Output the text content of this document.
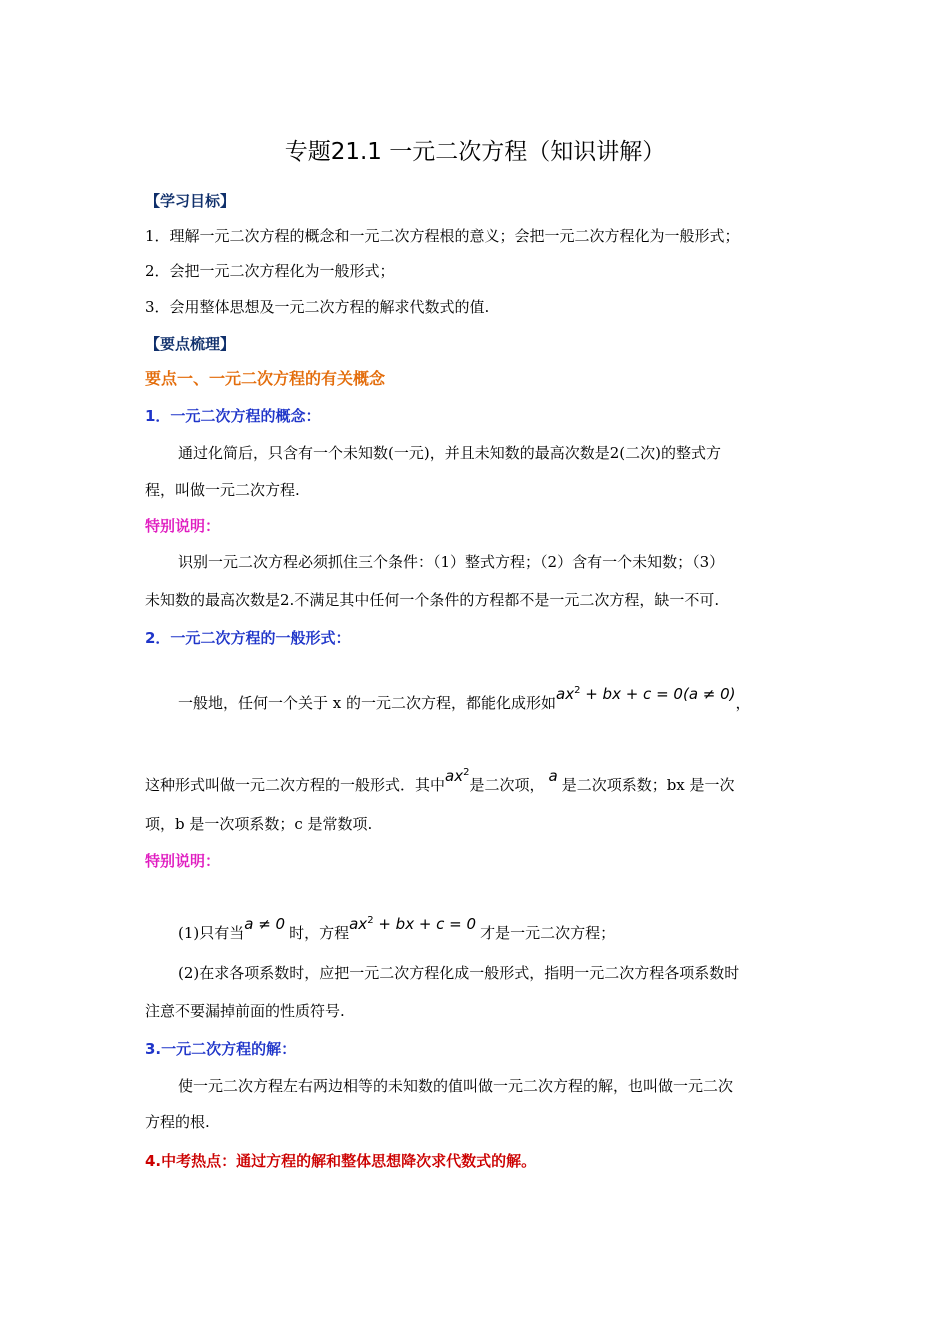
专题21.1 一元二次方程（知识讲解）
【学习目标】
1．理解一元二次方程的概念和一元二次方程根的意义；会把一元二次方程化为一般形式；
2．会把一元二次方程化为一般形式；
3．会用整体思想及一元二次方程的解求代数式的值.
【要点梳理】
要点一、一元二次方程的有关概念
1．一元二次方程的概念：
通过化简后，只含有一个未知数(一元)，并且未知数的最高次数是2(二次)的整式方
程，叫做一元二次方程.
特别说明：
识别一元二次方程必须抓住三个条件：（1）整式方程；（2）含有一个未知数；（3）
未知数的最高次数是2.不满足其中任何一个条件的方程都不是一元二次方程，缺一不可.
2．一元二次方程的一般形式：
一般地，任何一个关于 x 的一元二次方程，都能化成形如$ax^2$ + bx + c = 0(a ≠ 0)，
这种形式叫做一元二次方程的一般形式．其中$ax^2$是二次项， a 是二次项系数；bx 是一次
项，b 是一次项系数；c 是常数项.
特别说明：
(1)只有当a ≠ 0 时，方程$ax^2$ + bx + c = 0 才是一元二次方程；
(2)在求各项系数时，应把一元二次方程化成一般形式，指明一元二次方程各项系数时
注意不要漏掉前面的性质符号.
3.一元二次方程的解：
使一元二次方程左右两边相等的未知数的值叫做一元二次方程的解，也叫做一元二次
方程的根.
4.中考热点：通过方程的解和整体思想降次求代数式的解。
